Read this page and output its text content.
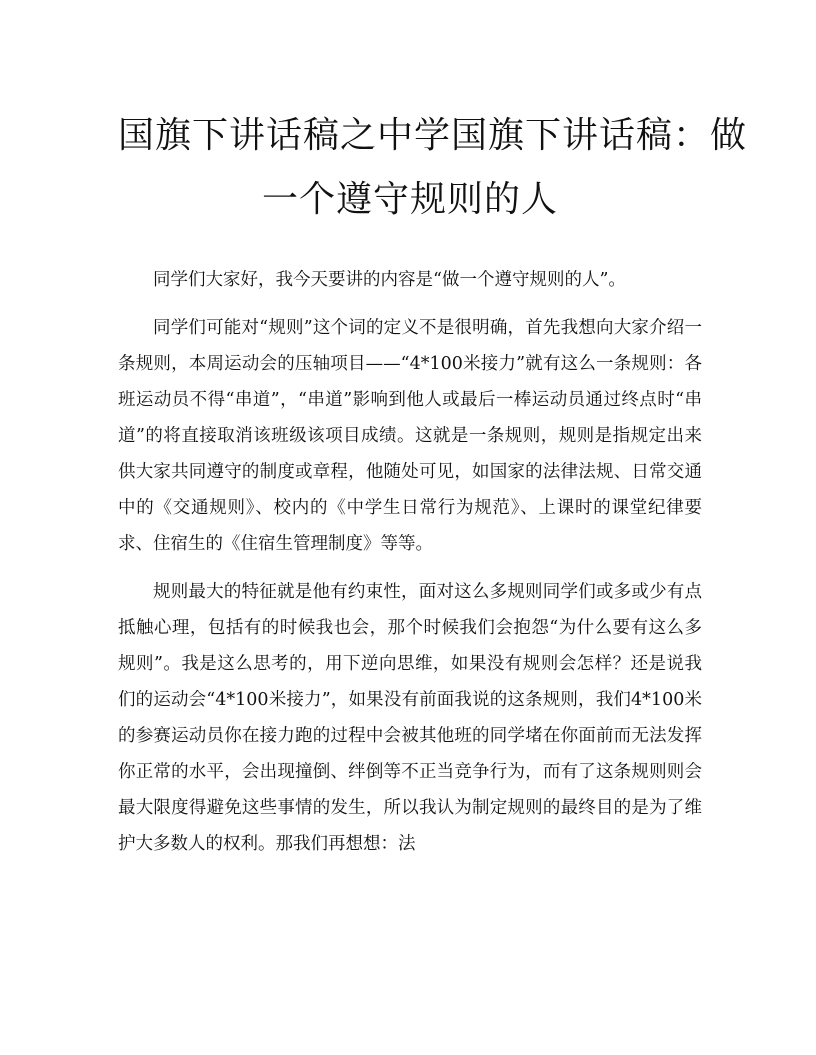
国旗下讲话稿之中学国旗下讲话稿：做
一个遵守规则的人

同学们大家好，我今天要讲的内容是“做一个遵守规则的人”。

同学们可能对“规则”这个词的定义不是很明确，首先我想向大家介绍一条规则，本周运动会的压轴项目——“4*100米接力”就有这么一条规则：各班运动员不得“串道”，“串道”影响到他人或最后一棒运动员通过终点时“串道”的将直接取消该班级该项目成绩。这就是一条规则，规则是指规定出来供大家共同遵守的制度或章程，他随处可见，如国家的法律法规、日常交通中的《交通规则》、校内的《中学生日常行为规范》、上课时的课堂纪律要求、住宿生的《住宿生管理制度》等等。

规则最大的特征就是他有约束性，面对这么多规则同学们或多或少有点抵触心理，包括有的时候我也会，那个时候我们会抱怨“为什么要有这么多规则”。我是这么思考的，用下逆向思维，如果没有规则会怎样？还是说我们的运动会“4*100米接力”，如果没有前面我说的这条规则，我们4*100米的参赛运动员你在接力跑的过程中会被其他班的同学堵在你面前而无法发挥你正常的水平，会出现撞倒、绊倒等不正当竞争行为，而有了这条规则则会最大限度得避免这些事情的发生，所以我认为制定规则的最终目的是为了维护大多数人的权利。那我们再想想：法
